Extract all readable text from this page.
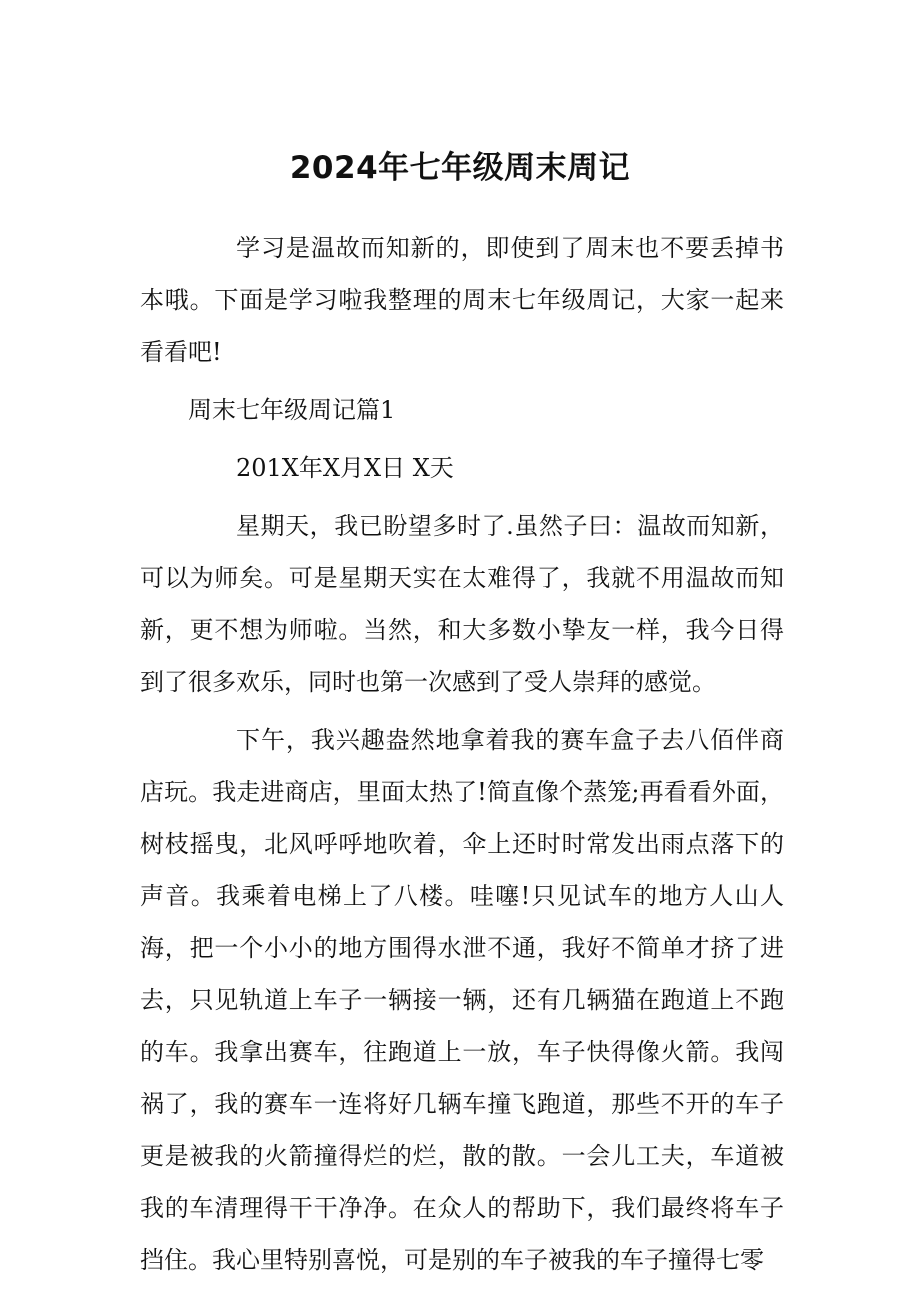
2024年七年级周末周记

学习是温故而知新的，即使到了周末也不要丢掉书本哦。下面是学习啦我整理的周末七年级周记，大家一起来看看吧!

周末七年级周记篇1

201X年X月X日 X天

星期天，我已盼望多时了.虽然子曰：温故而知新，可以为师矣。可是星期天实在太难得了，我就不用温故而知新，更不想为师啦。当然，和大多数小挚友一样，我今日得到了很多欢乐，同时也第一次感到了受人崇拜的感觉。

下午，我兴趣盎然地拿着我的赛车盒子去八佰伴商店玩。我走进商店，里面太热了!简直像个蒸笼;再看看外面，树枝摇曳，北风呼呼地吹着，伞上还时时常发出雨点落下的声音。我乘着电梯上了八楼。哇噻!只见试车的地方人山人海，把一个小小的地方围得水泄不通，我好不简单才挤了进去，只见轨道上车子一辆接一辆，还有几辆猫在跑道上不跑的车。我拿出赛车，往跑道上一放，车子快得像火箭。我闯祸了，我的赛车一连将好几辆车撞飞跑道，那些不开的车子更是被我的火箭撞得烂的烂，散的散。一会儿工夫，车道被我的车清理得干干净净。在众人的帮助下，我们最终将车子挡住。我心里特别喜悦，可是别的车子被我的车子撞得七零
